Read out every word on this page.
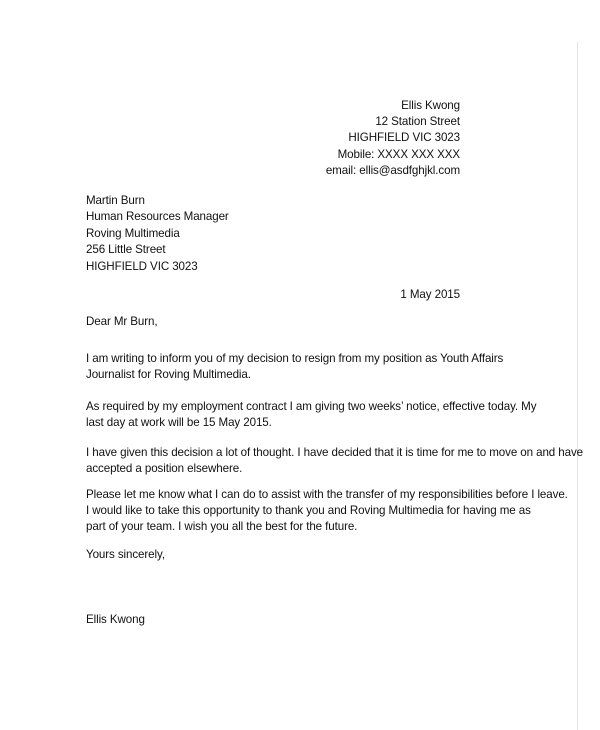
Ellis Kwong
12 Station Street
HIGHFIELD VIC 3023
Mobile: XXXX XXX XXX
email: ellis@asdfghjkl.com
Martin Burn
Human Resources Manager
Roving Multimedia
256 Little Street
HIGHFIELD VIC 3023
1 May 2015
Dear Mr Burn,
I am writing to inform you of my decision to resign from my position as Youth Affairs
Journalist for Roving Multimedia.
As required by my employment contract I am giving two weeks’ notice, effective today. My
last day at work will be 15 May 2015.
I have given this decision a lot of thought. I have decided that it is time for me to move on and have
accepted a position elsewhere.
Please let me know what I can do to assist with the transfer of my responsibilities before I leave.
I would like to take this opportunity to thank you and Roving Multimedia for having me as
part of your team. I wish you all the best for the future.
Yours sincerely,
Ellis Kwong
